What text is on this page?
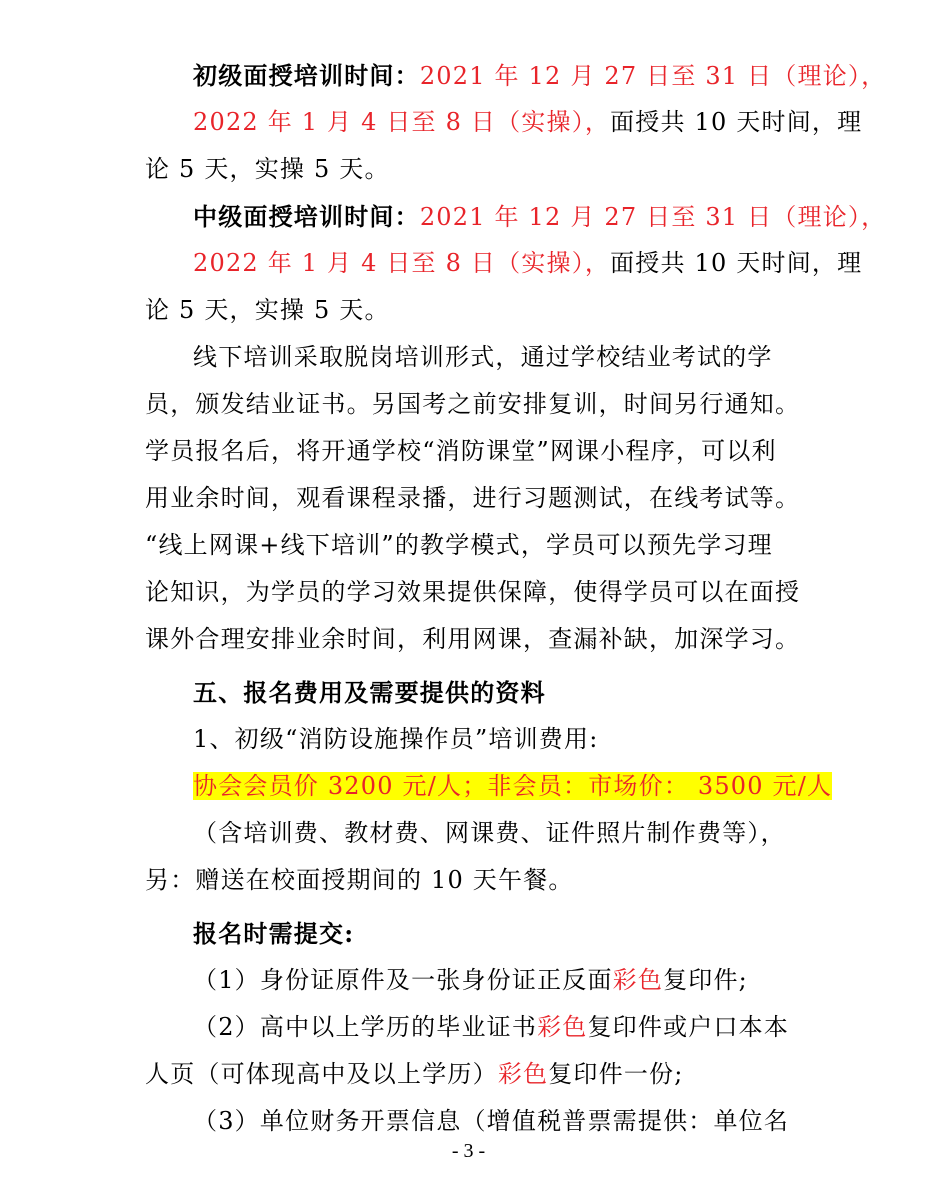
初级面授培训时间：2021 年 12 月 27 日至 31 日（理论），
2022 年 1 月 4 日至 8 日（实操），面授共 10 天时间，理
论 5 天，实操 5 天。
中级面授培训时间：2021 年 12 月 27 日至 31 日（理论），
2022 年 1 月 4 日至 8 日（实操），面授共 10 天时间，理
论 5 天，实操 5 天。
线下培训采取脱岗培训形式，通过学校结业考试的学
员，颁发结业证书。另国考之前安排复训，时间另行通知。
学员报名后，将开通学校“消防课堂”网课小程序，可以利
用业余时间，观看课程录播，进行习题测试，在线考试等。
“线上网课+线下培训”的教学模式，学员可以预先学习理
论知识，为学员的学习效果提供保障，使得学员可以在面授
课外合理安排业余时间，利用网课，查漏补缺，加深学习。
五、报名费用及需要提供的资料
1、初级“消防设施操作员”培训费用:
协会会员价 3200 元/人；非会员：市场价： 3500 元/人
（含培训费、教材费、网课费、证件照片制作费等），
另：赠送在校面授期间的 10 天午餐。
报名时需提交:
（1）身份证原件及一张身份证正反面彩色复印件;
（2）高中以上学历的毕业证书彩色复印件或户口本本
人页（可体现高中及以上学历）彩色复印件一份;
（3）单位财务开票信息（增值税普票需提供：单位名
- 3 -
